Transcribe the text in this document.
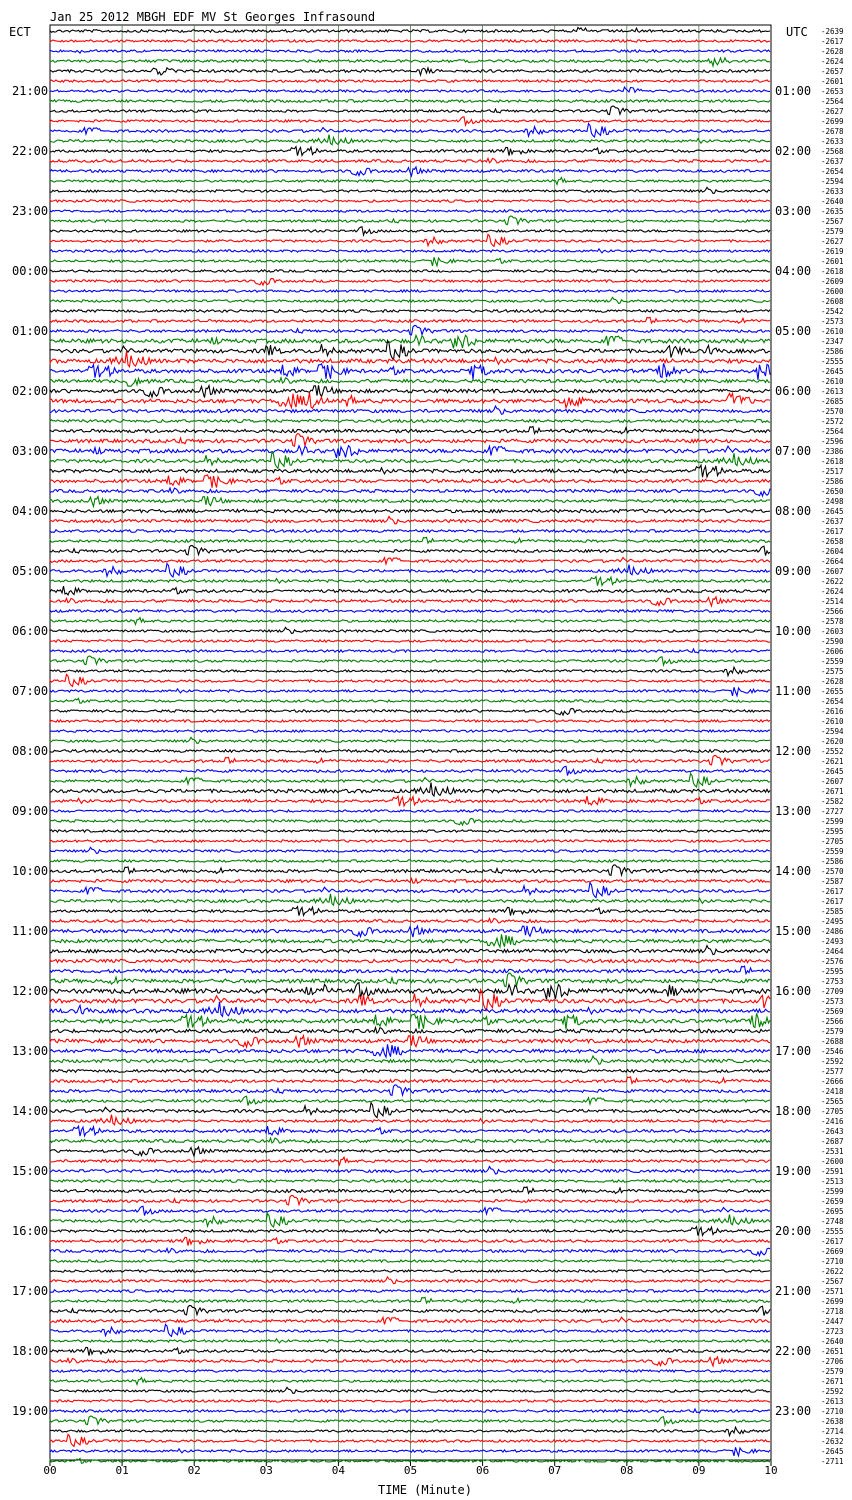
Jan 25 2012 MBGH EDF MV St Georges Infrasound
ECT	UTC
TIME (Minute)
00	01	02	03	04	05	06	07	08	09	10
-2639
-2617
-2628
-2624
-2657
-2601
-2653
-2564
-2627
-2699
-2678
-2633
-2568
-2637
-2654
-2594
-2633
-2640
-2635
-2567
-2579
-2627
-2619
-2601
-2618
-2609
-2600
-2608
-2542
-2573
-2610
-2347
-2586
-2555
-2645
-2610
-2613
-2685
-2570
-2572
-2564
-2596
-2386
-2618
-2517
-2586
-2650
-2498
-2645
-2637
-2617
-2658
-2604
-2664
-2607
-2622
-2624
-2514
-2566
-2578
-2603
-2590
-2606
-2559
-2575
-2628
-2655
-2654
-2616
-2610
-2594
-2620
-2552
-2621
-2645
-2607
-2671
-2582
-2727
-2599
-2595
-2705
-2559
-2586
-2570
-2587
-2617
-2617
-2585
-2495
-2486
-2493
-2464
-2576
-2595
-2753
-2709
-2573
-2569
-2566
-2579
-2688
-2546
-2592
-2577
-2666
-2418
-2565
-2705
-2416
-2643
-2687
-2531
-2600
-2591
-2513
-2599
-2659
-2695
-2748
-2555
-2617
-2669
-2710
-2622
-2567
-2571
-2699
-2718
-2447
-2723
-2640
-2651
-2706
-2579
-2671
-2592
-2613
-2710
-2638
-2714
-2632
-2645
-2711
21:00	01:00
22:00	02:00
23:00	03:00
00:00	04:00
01:00	05:00
02:00	06:00
03:00	07:00
04:00	08:00
05:00	09:00
06:00	10:00
07:00	11:00
08:00	12:00
09:00	13:00
10:00	14:00
11:00	15:00
12:00	16:00
13:00	17:00
14:00	18:00
15:00	19:00
16:00	20:00
17:00	21:00
18:00	22:00
19:00	23:00
